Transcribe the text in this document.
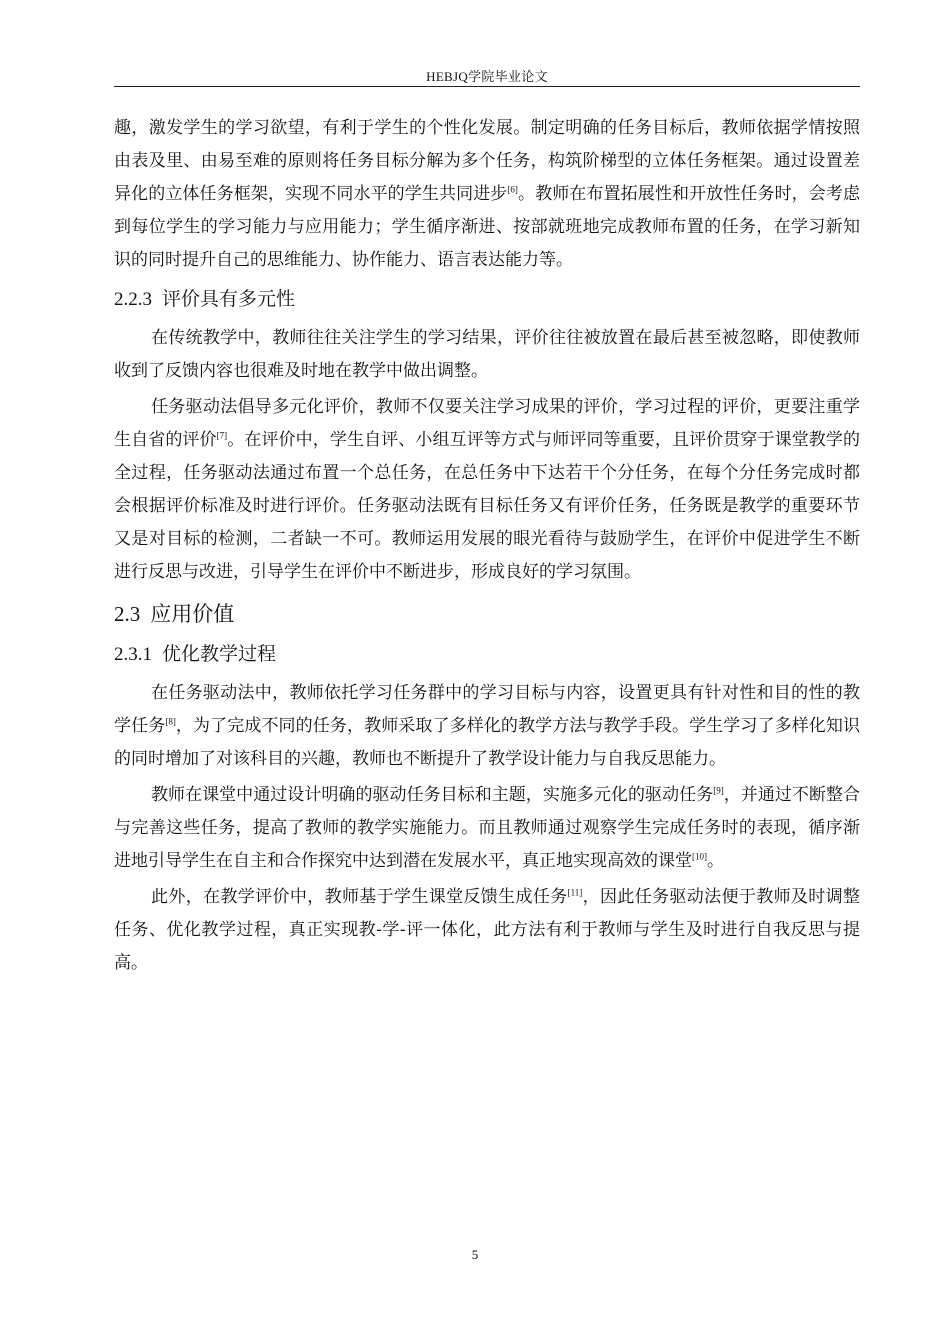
HEBJQ学院毕业论文

趣，激发学生的学习欲望，有利于学生的个性化发展。制定明确的任务目标后，教师依据学情按照由表及里、由易至难的原则将任务目标分解为多个任务，构筑阶梯型的立体任务框架。通过设置差异化的立体任务框架，实现不同水平的学生共同进步[6]。教师在布置拓展性和开放性任务时，会考虑到每位学生的学习能力与应用能力；学生循序渐进、按部就班地完成教师布置的任务，在学习新知识的同时提升自己的思维能力、协作能力、语言表达能力等。

2.2.3 评价具有多元性

在传统教学中，教师往往关注学生的学习结果，评价往往被放置在最后甚至被忽略，即使教师收到了反馈内容也很难及时地在教学中做出调整。

任务驱动法倡导多元化评价，教师不仅要关注学习成果的评价，学习过程的评价，更要注重学生自省的评价[7]。在评价中，学生自评、小组互评等方式与师评同等重要，且评价贯穿于课堂教学的全过程，任务驱动法通过布置一个总任务，在总任务中下达若干个分任务，在每个分任务完成时都会根据评价标准及时进行评价。任务驱动法既有目标任务又有评价任务，任务既是教学的重要环节又是对目标的检测，二者缺一不可。教师运用发展的眼光看待与鼓励学生，在评价中促进学生不断进行反思与改进，引导学生在评价中不断进步，形成良好的学习氛围。

2.3 应用价值
2.3.1 优化教学过程

在任务驱动法中，教师依托学习任务群中的学习目标与内容，设置更具有针对性和目的性的教学任务[8]，为了完成不同的任务，教师采取了多样化的教学方法与教学手段。学生学习了多样化知识的同时增加了对该科目的兴趣，教师也不断提升了教学设计能力与自我反思能力。

教师在课堂中通过设计明确的驱动任务目标和主题，实施多元化的驱动任务[9]，并通过不断整合与完善这些任务，提高了教师的教学实施能力。而且教师通过观察学生完成任务时的表现，循序渐进地引导学生在自主和合作探究中达到潜在发展水平，真正地实现高效的课堂[10]。

此外，在教学评价中，教师基于学生课堂反馈生成任务[11]，因此任务驱动法便于教师及时调整任务、优化教学过程，真正实现教-学-评一体化，此方法有利于教师与学生及时进行自我反思与提高。

5
